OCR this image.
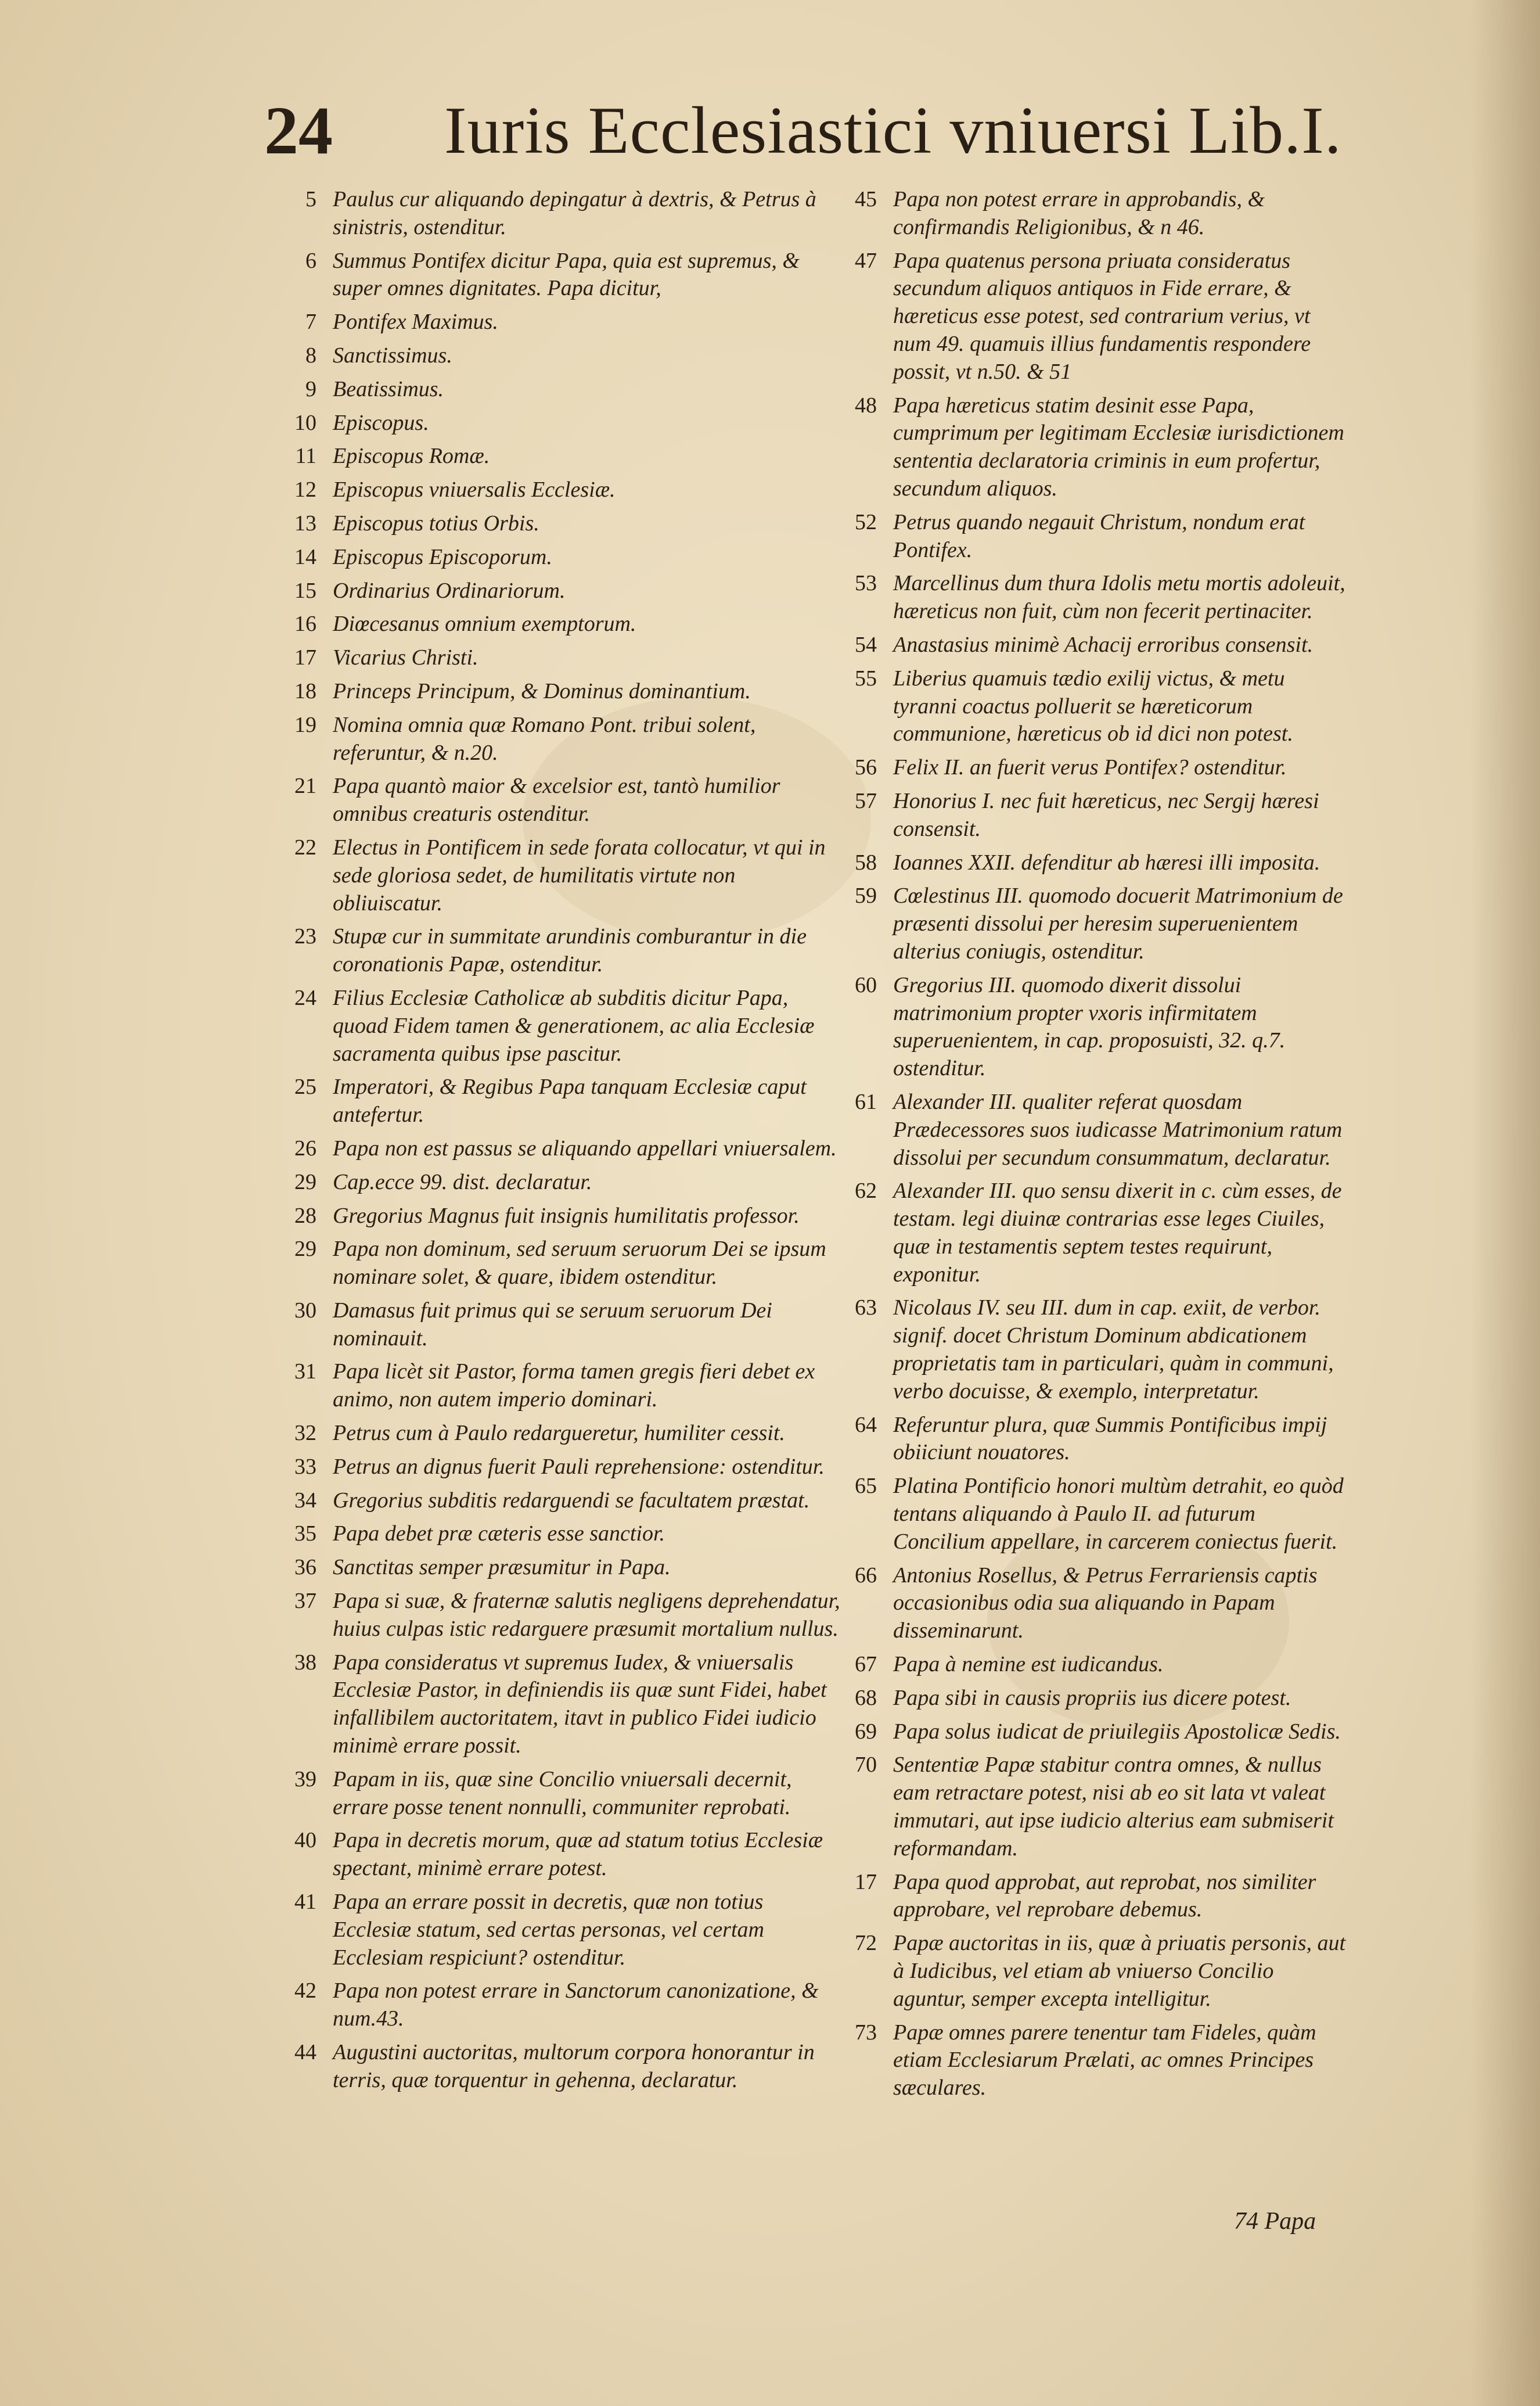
24 Iuris Ecclesiastici vniuersi Lib.I.
5 Paulus cur aliquando depingatur à dextris, & Petrus à sinistris, ostenditur.
6 Summus Pontifex dicitur Papa, quia est supremus, & super omnes dignitates. Papa dicitur,
7 Pontifex Maximus.
8 Sanctissimus.
9 Beatissimus.
10 Episcopus.
11 Episcopus Romæ.
12 Episcopus vniuersalis Ecclesiæ.
13 Episcopus totius Orbis.
14 Episcopus Episcoporum.
15 Ordinarius Ordinariorum.
16 Diœcesanus omnium exemptorum.
17 Vicarius Christi.
18 Princeps Principum, & Dominus dominantium.
19 Nomina omnia quæ Romano Pont. tribui solent, referuntur, & n.20.
21 Papa quantò maior & excelsior est, tantò humilior omnibus creaturis ostenditur.
22 Electus in Pontificem in sede forata collocatur, vt qui in sede gloriosa sedet, de humilitatis virtute non obliuiscatur.
23 Stupæ cur in summitate arundinis comburantur in die coronationis Papæ, ostenditur.
24 Filius Ecclesiæ Catholicæ ab subditis dicitur Papa, quoad Fidem tamen & generationem, ac alia Ecclesiæ sacramenta quibus ipse pascitur.
25 Imperatori, & Regibus Papa tanquam Ecclesiæ caput antefertur.
26 Papa non est passus se aliquando appellari vniuersalem.
29 Cap.ecce 99. dist. declaratur.
28 Gregorius Magnus fuit insignis humilitatis professor.
29 Papa non dominum, sed seruum seruorum Dei se ipsum nominare solet, & quare, ibidem ostenditur.
30 Damasus fuit primus qui se seruum seruorum Dei nominauit.
31 Papa licèt sit Pastor, forma tamen gregis fieri debet ex animo, non autem imperio dominari.
32 Petrus cum à Paulo redargueretur, humiliter cessit.
33 Petrus an dignus fuerit Pauli reprehensione: ostenditur.
34 Gregorius subditis redarguendi se facultatem præstat.
35 Papa debet præ cæteris esse sanctior.
36 Sanctitas semper præsumitur in Papa.
37 Papa si suæ, & fraternæ salutis negligens deprehendatur, huius culpas istic redarguere præsumit mortalium nullus.
38 Papa consideratus vt supremus Iudex, & vniuersalis Ecclesiæ Pastor, in definiendis iis quæ sunt Fidei, habet infallibilem auctoritatem, itavt in publico Fidei iudicio minimè errare possit.
39 Papam in iis, quæ sine Concilio vniuersali decernit, errare posse tenent nonnulli, communiter reprobati.
40 Papa in decretis morum, quæ ad statum totius Ecclesiæ spectant, minimè errare potest.
41 Papa an errare possit in decretis, quæ non totius Ecclesiæ statum, sed certas personas, vel certam Ecclesiam respiciunt? ostenditur.
42 Papa non potest errare in Sanctorum canonizatione, & num.43.
44 Augustini auctoritas, multorum corpora honorantur in terris, quæ torquentur in gehenna, declaratur.
45 Papa non potest errare in approbandis, & confirmandis Religionibus, & n 46.
47 Papa quatenus persona priuata consideratus secundum aliquos antiquos in Fide errare, & hæreticus esse potest, sed contrarium verius, vt num 49. quamuis illius fundamentis respondere possit, vt n.50. & 51
48 Papa hæreticus statim desinit esse Papa, cumprimum per legitimam Ecclesiæ iurisdictionem sententia declaratoria criminis in eum profertur, secundum aliquos.
52 Petrus quando negauit Christum, nondum erat Pontifex.
53 Marcellinus dum thura Idolis metu mortis adoleuit, hæreticus non fuit, cùm non fecerit pertinaciter.
54 Anastasius minimè Achacij erroribus consensit.
55 Liberius quamuis tædio exilij victus, & metu tyranni coactus polluerit se hæreticorum communione, hæreticus ob id dici non potest.
56 Felix II. an fuerit verus Pontifex? ostenditur.
57 Honorius I. nec fuit hæreticus, nec Sergij hæresi consensit.
58 Ioannes XXII. defenditur ab hæresi illi imposita.
59 Cœlestinus III. quomodo docuerit Matrimonium de præsenti dissolui per heresim superuenientem alterius coniugis, ostenditur.
60 Gregorius III. quomodo dixerit dissolui matrimonium propter vxoris infirmitatem superuenientem, in cap. proposuisti, 32. q.7. ostenditur.
61 Alexander III. qualiter referat quosdam Prædecessores suos iudicasse Matrimonium ratum dissolui per secundum consummatum, declaratur.
62 Alexander III. quo sensu dixerit in c. cùm esses, de testam. legi diuinæ contrarias esse leges Ciuiles, quæ in testamentis septem testes requirunt, exponitur.
63 Nicolaus IV. seu III. dum in cap. exiit, de verbor. signif. docet Christum Dominum abdicationem proprietatis tam in particulari, quàm in communi, verbo docuisse, & exemplo, interpretatur.
64 Referuntur plura, quæ Summis Pontificibus impij obiiciunt nouatores.
65 Platina Pontificio honori multùm detrahit, eo quòd tentans aliquando à Paulo II. ad futurum Concilium appellare, in carcerem coniectus fuerit.
66 Antonius Rosellus, & Petrus Ferrariensis captis occasionibus odia sua aliquando in Papam disseminarunt.
67 Papa à nemine est iudicandus.
68 Papa sibi in causis propriis ius dicere potest.
69 Papa solus iudicat de priuilegiis Apostolicæ Sedis.
70 Sententiæ Papæ stabitur contra omnes, & nullus eam retractare potest, nisi ab eo sit lata vt valeat immutari, aut ipse iudicio alterius eam submiserit reformandam.
17 Papa quod approbat, aut reprobat, nos similiter approbare, vel reprobare debemus.
72 Papæ auctoritas in iis, quæ à priuatis personis, aut à Iudicibus, vel etiam ab vniuerso Concilio aguntur, semper excepta intelligitur.
73 Papæ omnes parere tenentur tam Fideles, quàm etiam Ecclesiarum Prælati, ac omnes Principes sæculares.
74 Papa
